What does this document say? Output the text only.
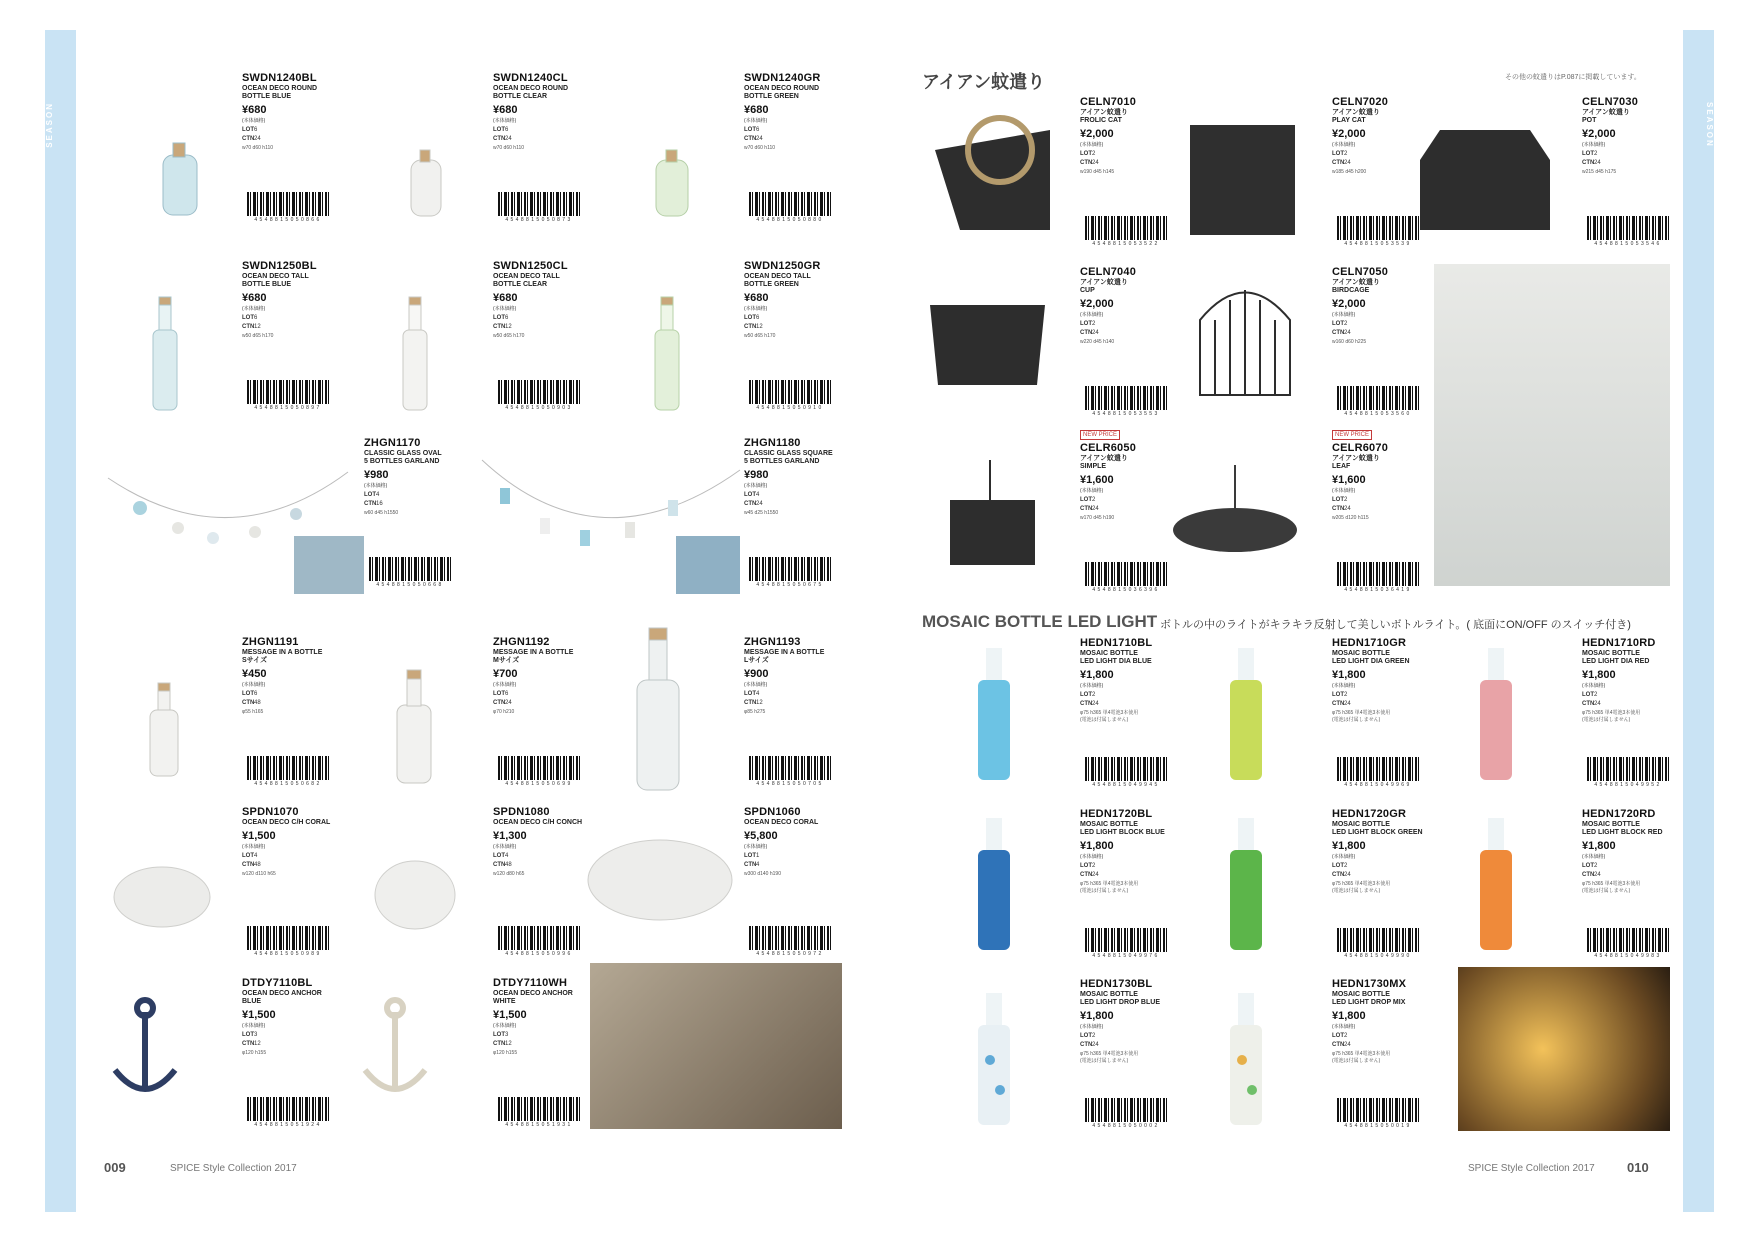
SEASON	SEASON
アイアン蚊遣り	その他の蚊遣りはP.087に掲載しています。
MOSAIC BOTTLE LED LIGHT ボトルの中のライトがキラキラ反射して美しいボトルライト。( 底面にON/OFF のスイッチ付き)
SWDN1240BL
OCEAN DECO ROUND
BOTTLE BLUE
¥680
(本体価格)
LOT6
CTN24
w70 d60 h110
4548815050866
SWDN1240CL
OCEAN DECO ROUND
BOTTLE CLEAR
¥680
(本体価格)
LOT6
CTN24
w70 d60 h110
4548815050873
SWDN1240GR
OCEAN DECO ROUND
BOTTLE GREEN
¥680
(本体価格)
LOT6
CTN24
w70 d60 h110
4548815050880
SWDN1250BL
OCEAN DECO TALL
BOTTLE BLUE
¥680
(本体価格)
LOT6
CTN12
w50 d65 h170
4548815050897
SWDN1250CL
OCEAN DECO TALL
BOTTLE CLEAR
¥680
(本体価格)
LOT6
CTN12
w50 d65 h170
4548815050903
SWDN1250GR
OCEAN DECO TALL
BOTTLE GREEN
¥680
(本体価格)
LOT6
CTN12
w50 d65 h170
4548815050910
ZHGN1170
CLASSIC GLASS OVAL
5 BOTTLES GARLAND
¥980
(本体価格)
LOT4
CTN16
w60 d45 h1550
4548815050668
ZHGN1180
CLASSIC GLASS SQUARE
5 BOTTLES GARLAND
¥980
(本体価格)
LOT4
CTN24
w45 d25 h1550
4548815050675
ZHGN1191
MESSAGE IN A BOTTLE
Sサイズ
¥450
(本体価格)
LOT6
CTN48
φ55 h165
4548815050682
ZHGN1192
MESSAGE IN A BOTTLE
Mサイズ
¥700
(本体価格)
LOT6
CTN24
φ70 h210
4548815050699
ZHGN1193
MESSAGE IN A BOTTLE
Lサイズ
¥900
(本体価格)
LOT4
CTN12
φ85 h275
4548815050705
SPDN1070
OCEAN DECO C/H CORAL
¥1,500
(本体価格)
LOT4
CTN48
w120 d110 h65
4548815050989
SPDN1080
OCEAN DECO C/H CONCH
¥1,300
(本体価格)
LOT4
CTN48
w120 d80 h65
4548815050996
SPDN1060
OCEAN DECO CORAL
¥5,800
(本体価格)
LOT1
CTN4
w300 d140 h190
4548815050972
DTDY7110BL
OCEAN DECO ANCHOR
BLUE
¥1,500
(本体価格)
LOT3
CTN12
φ120 h155
4548815051924
DTDY7110WH
OCEAN DECO ANCHOR
WHITE
¥1,500
(本体価格)
LOT3
CTN12
φ120 h155
4548815051931
CELN7010
アイアン蚊遣り
FROLIC CAT
¥2,000
(本体価格)
LOT2
CTN24
w190 d45 h145
4548815053522
CELN7020
アイアン蚊遣り
PLAY CAT
¥2,000
(本体価格)
LOT2
CTN24
w185 d45 h200
4548815053539
CELN7030
アイアン蚊遣り
POT
¥2,000
(本体価格)
LOT2
CTN24
w215 d45 h175
4548815053546
CELN7040
アイアン蚊遣り
CUP
¥2,000
(本体価格)
LOT2
CTN24
w220 d45 h140
4548815053553
CELN7050
アイアン蚊遣り
BIRDCAGE
¥2,000
(本体価格)
LOT2
CTN24
w160 d60 h225
4548815053560
NEW PRICE
CELR6050
アイアン蚊遣り
SIMPLE
¥1,600
(本体価格)
LOT2
CTN24
w170 d45 h190
4548815036396
NEW PRICE
CELR6070
アイアン蚊遣り
LEAF
¥1,600
(本体価格)
LOT2
CTN24
w205 d120 h115
4548815036419
HEDN1710BL
MOSAIC BOTTLE
LED LIGHT DIA BLUE
¥1,800
(本体価格)
LOT2
CTN24
φ75 h365 単4電池3本使用
(電池は付属しません)
4548815049945
HEDN1710GR
MOSAIC BOTTLE
LED LIGHT DIA GREEN
¥1,800
(本体価格)
LOT2
CTN24
φ75 h365 単4電池3本使用
(電池は付属しません)
4548815049969
HEDN1710RD
MOSAIC BOTTLE
LED LIGHT DIA RED
¥1,800
(本体価格)
LOT2
CTN24
φ75 h365 単4電池3本使用
(電池は付属しません)
4548815049952
HEDN1720BL
MOSAIC BOTTLE
LED LIGHT BLOCK BLUE
¥1,800
(本体価格)
LOT2
CTN24
φ75 h365 単4電池3本使用
(電池は付属しません)
4548815049976
HEDN1720GR
MOSAIC BOTTLE
LED LIGHT BLOCK GREEN
¥1,800
(本体価格)
LOT2
CTN24
φ75 h365 単4電池3本使用
(電池は付属しません)
4548815049990
HEDN1720RD
MOSAIC BOTTLE
LED LIGHT BLOCK RED
¥1,800
(本体価格)
LOT2
CTN24
φ75 h365 単4電池3本使用
(電池は付属しません)
4548815049983
HEDN1730BL
MOSAIC BOTTLE
LED LIGHT DROP BLUE
¥1,800
(本体価格)
LOT2
CTN24
φ75 h365 単4電池3本使用
(電池は付属しません)
4548815050002
HEDN1730MX
MOSAIC BOTTLE
LED LIGHT DROP MIX
¥1,800
(本体価格)
LOT2
CTN24
φ75 h365 単4電池3本使用
(電池は付属しません)
4548815050019
009	SPICE Style Collection 2017	SPICE Style Collection 2017 010
